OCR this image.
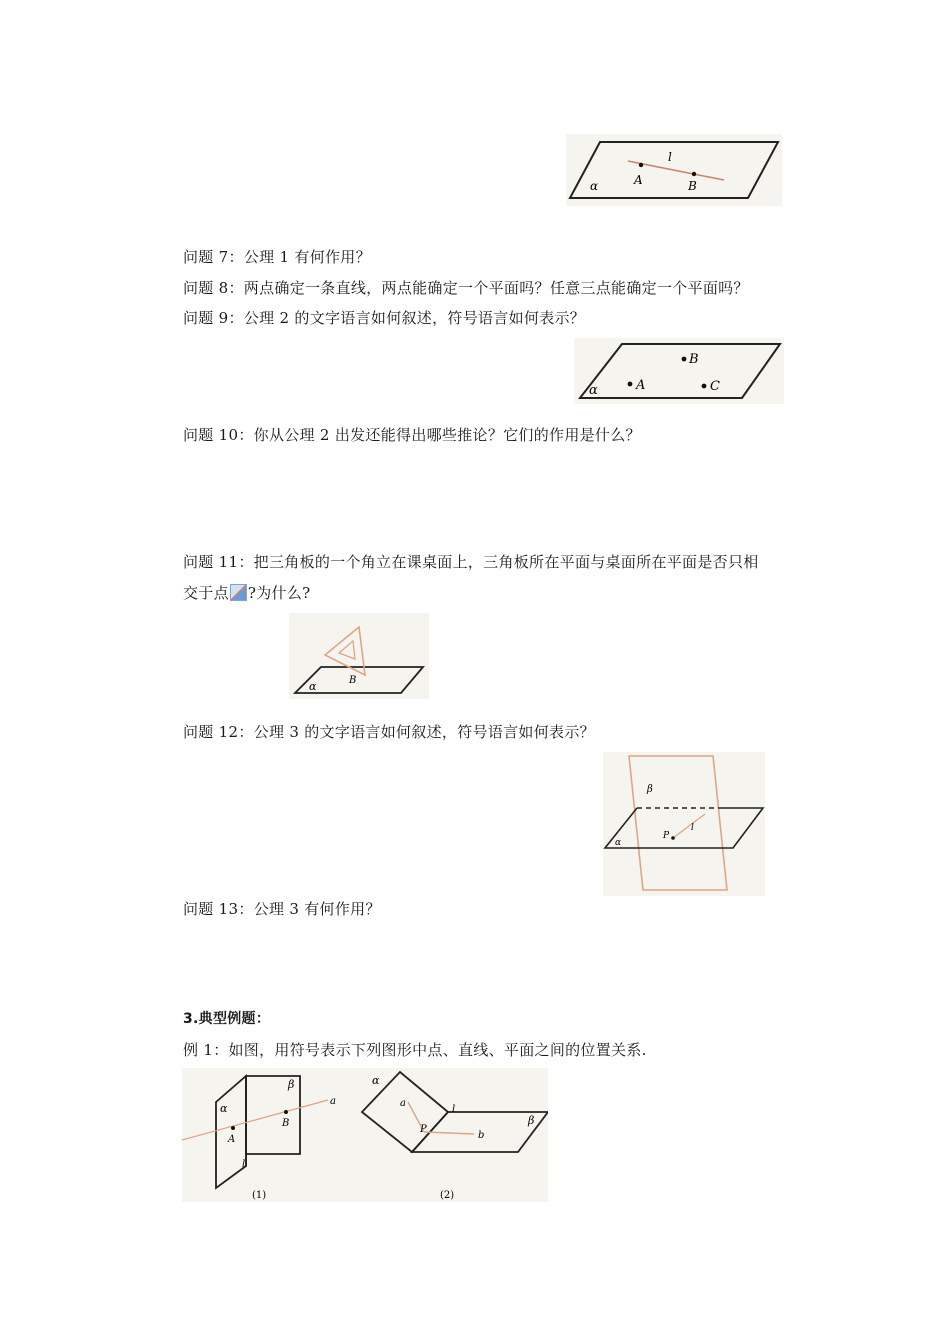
l
A	B
α
问题 7：公理 1 有何作用？
问题 8：两点确定一条直线，两点能确定一个平面吗？任意三点能确定一个平面吗？
问题 9：公理 2 的文字语言如何叙述，符号语言如何表示？
B
A	C
α
问题 10：你从公理 2 出发还能得出哪些推论？它们的作用是什么？
问题 11：把三角板的一个角立在课桌面上，三角板所在平面与桌面所在平面是否只相
交于点 ?为什么?
B
α
问题 12：公理 3 的文字语言如何叙述，符号语言如何表示？
β
P
l
α
问题 13：公理 3 有何作用？
3.典型例题：
例 1：如图，用符号表示下列图形中点、直线、平面之间的位置关系.
α
β
A
B
a
l
(1)
α
β
a
b
l
P
(2)
